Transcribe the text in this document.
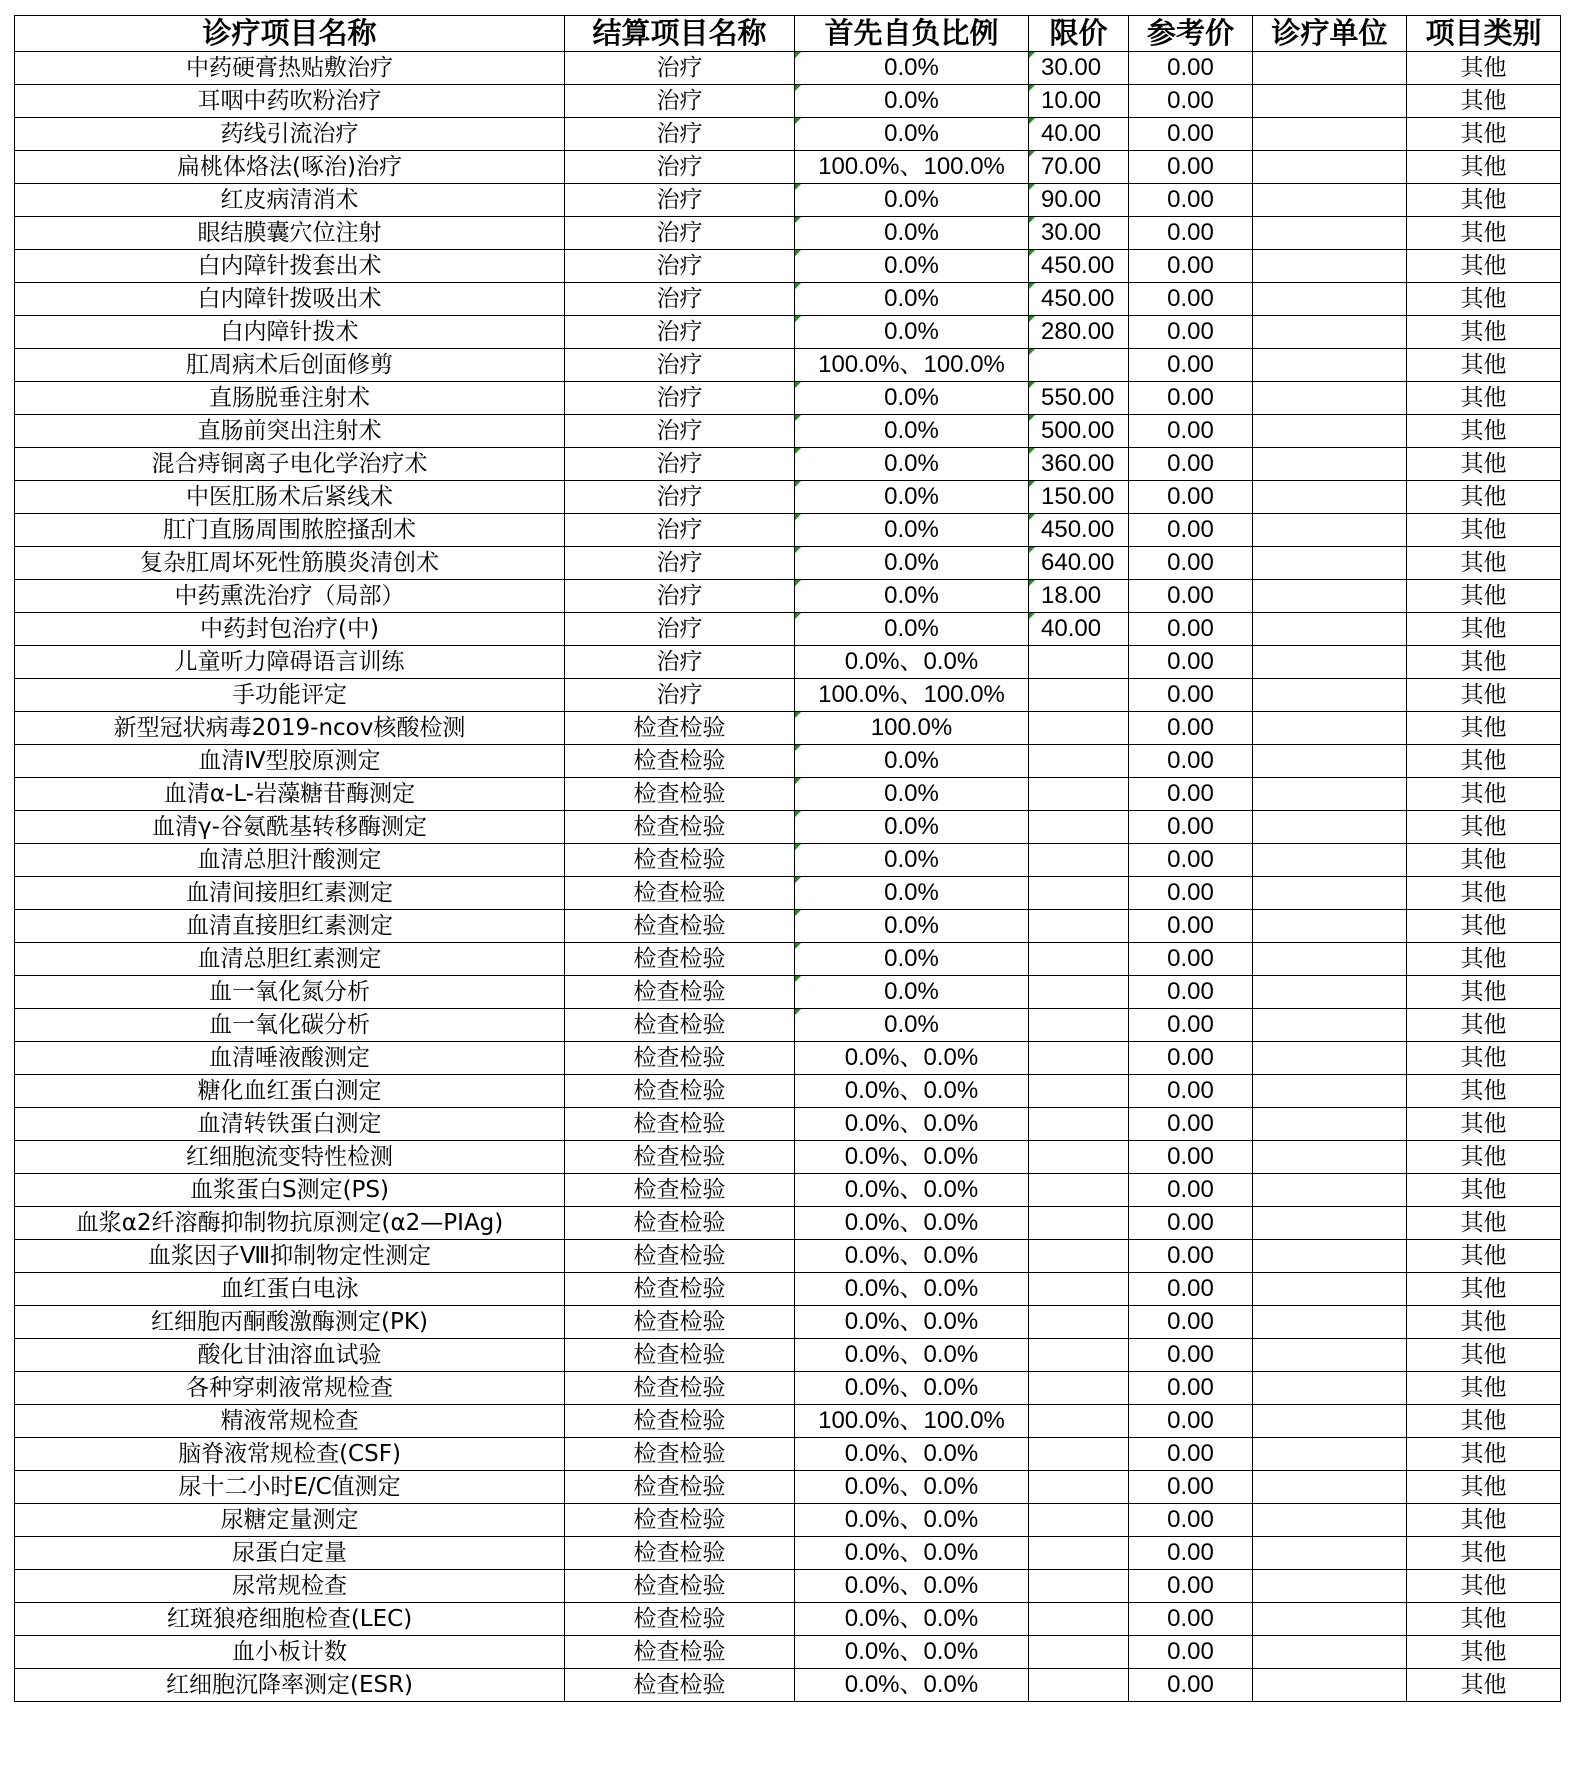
诊疗项目名称	结算项目名称	首先自负比例	限价	参考价	诊疗单位	项目类别
中药硬膏热贴敷治疗	治疗	0.0%	30.00	0.00		其他
耳咽中药吹粉治疗	治疗	0.0%	10.00	0.00		其他
药线引流治疗	治疗	0.0%	40.00	0.00		其他
扁桃体烙法(啄治)治疗	治疗	100.0%、100.0%	70.00	0.00		其他
红皮病清消术	治疗	0.0%	90.00	0.00		其他
眼结膜囊穴位注射	治疗	0.0%	30.00	0.00		其他
白内障针拨套出术	治疗	0.0%	450.00	0.00		其他
白内障针拨吸出术	治疗	0.0%	450.00	0.00		其他
白内障针拨术	治疗	0.0%	280.00	0.00		其他
肛周病术后创面修剪	治疗	100.0%、100.0%		0.00		其他
直肠脱垂注射术	治疗	0.0%	550.00	0.00		其他
直肠前突出注射术	治疗	0.0%	500.00	0.00		其他
混合痔铜离子电化学治疗术	治疗	0.0%	360.00	0.00		其他
中医肛肠术后紧线术	治疗	0.0%	150.00	0.00		其他
肛门直肠周围脓腔搔刮术	治疗	0.0%	450.00	0.00		其他
复杂肛周坏死性筋膜炎清创术	治疗	0.0%	640.00	0.00		其他
中药熏洗治疗（局部）	治疗	0.0%	18.00	0.00		其他
中药封包治疗(中)	治疗	0.0%	40.00	0.00		其他
儿童听力障碍语言训练	治疗	0.0%、0.0%		0.00		其他
手功能评定	治疗	100.0%、100.0%		0.00		其他
新型冠状病毒2019-ncov核酸检测	检查检验	100.0%		0.00		其他
血清Ⅳ型胶原测定	检查检验	0.0%		0.00		其他
血清α-L-岩藻糖苷酶测定	检查检验	0.0%		0.00		其他
血清γ-谷氨酰基转移酶测定	检查检验	0.0%		0.00		其他
血清总胆汁酸测定	检查检验	0.0%		0.00		其他
血清间接胆红素测定	检查检验	0.0%		0.00		其他
血清直接胆红素测定	检查检验	0.0%		0.00		其他
血清总胆红素测定	检查检验	0.0%		0.00		其他
血一氧化氮分析	检查检验	0.0%		0.00		其他
血一氧化碳分析	检查检验	0.0%		0.00		其他
血清唾液酸测定	检查检验	0.0%、0.0%		0.00		其他
糖化血红蛋白测定	检查检验	0.0%、0.0%		0.00		其他
血清转铁蛋白测定	检查检验	0.0%、0.0%		0.00		其他
红细胞流变特性检测	检查检验	0.0%、0.0%		0.00		其他
血浆蛋白S测定(PS)	检查检验	0.0%、0.0%		0.00		其他
血浆α2纤溶酶抑制物抗原测定(α2—PIAg)	检查检验	0.0%、0.0%		0.00		其他
血浆因子Ⅷ抑制物定性测定	检查检验	0.0%、0.0%		0.00		其他
血红蛋白电泳	检查检验	0.0%、0.0%		0.00		其他
红细胞丙酮酸激酶测定(PK)	检查检验	0.0%、0.0%		0.00		其他
酸化甘油溶血试验	检查检验	0.0%、0.0%		0.00		其他
各种穿刺液常规检查	检查检验	0.0%、0.0%		0.00		其他
精液常规检查	检查检验	100.0%、100.0%		0.00		其他
脑脊液常规检查(CSF)	检查检验	0.0%、0.0%		0.00		其他
尿十二小时E/C值测定	检查检验	0.0%、0.0%		0.00		其他
尿糖定量测定	检查检验	0.0%、0.0%		0.00		其他
尿蛋白定量	检查检验	0.0%、0.0%		0.00		其他
尿常规检查	检查检验	0.0%、0.0%		0.00		其他
红斑狼疮细胞检查(LEC)	检查检验	0.0%、0.0%		0.00		其他
血小板计数	检查检验	0.0%、0.0%		0.00		其他
红细胞沉降率测定(ESR)	检查检验	0.0%、0.0%		0.00		其他
